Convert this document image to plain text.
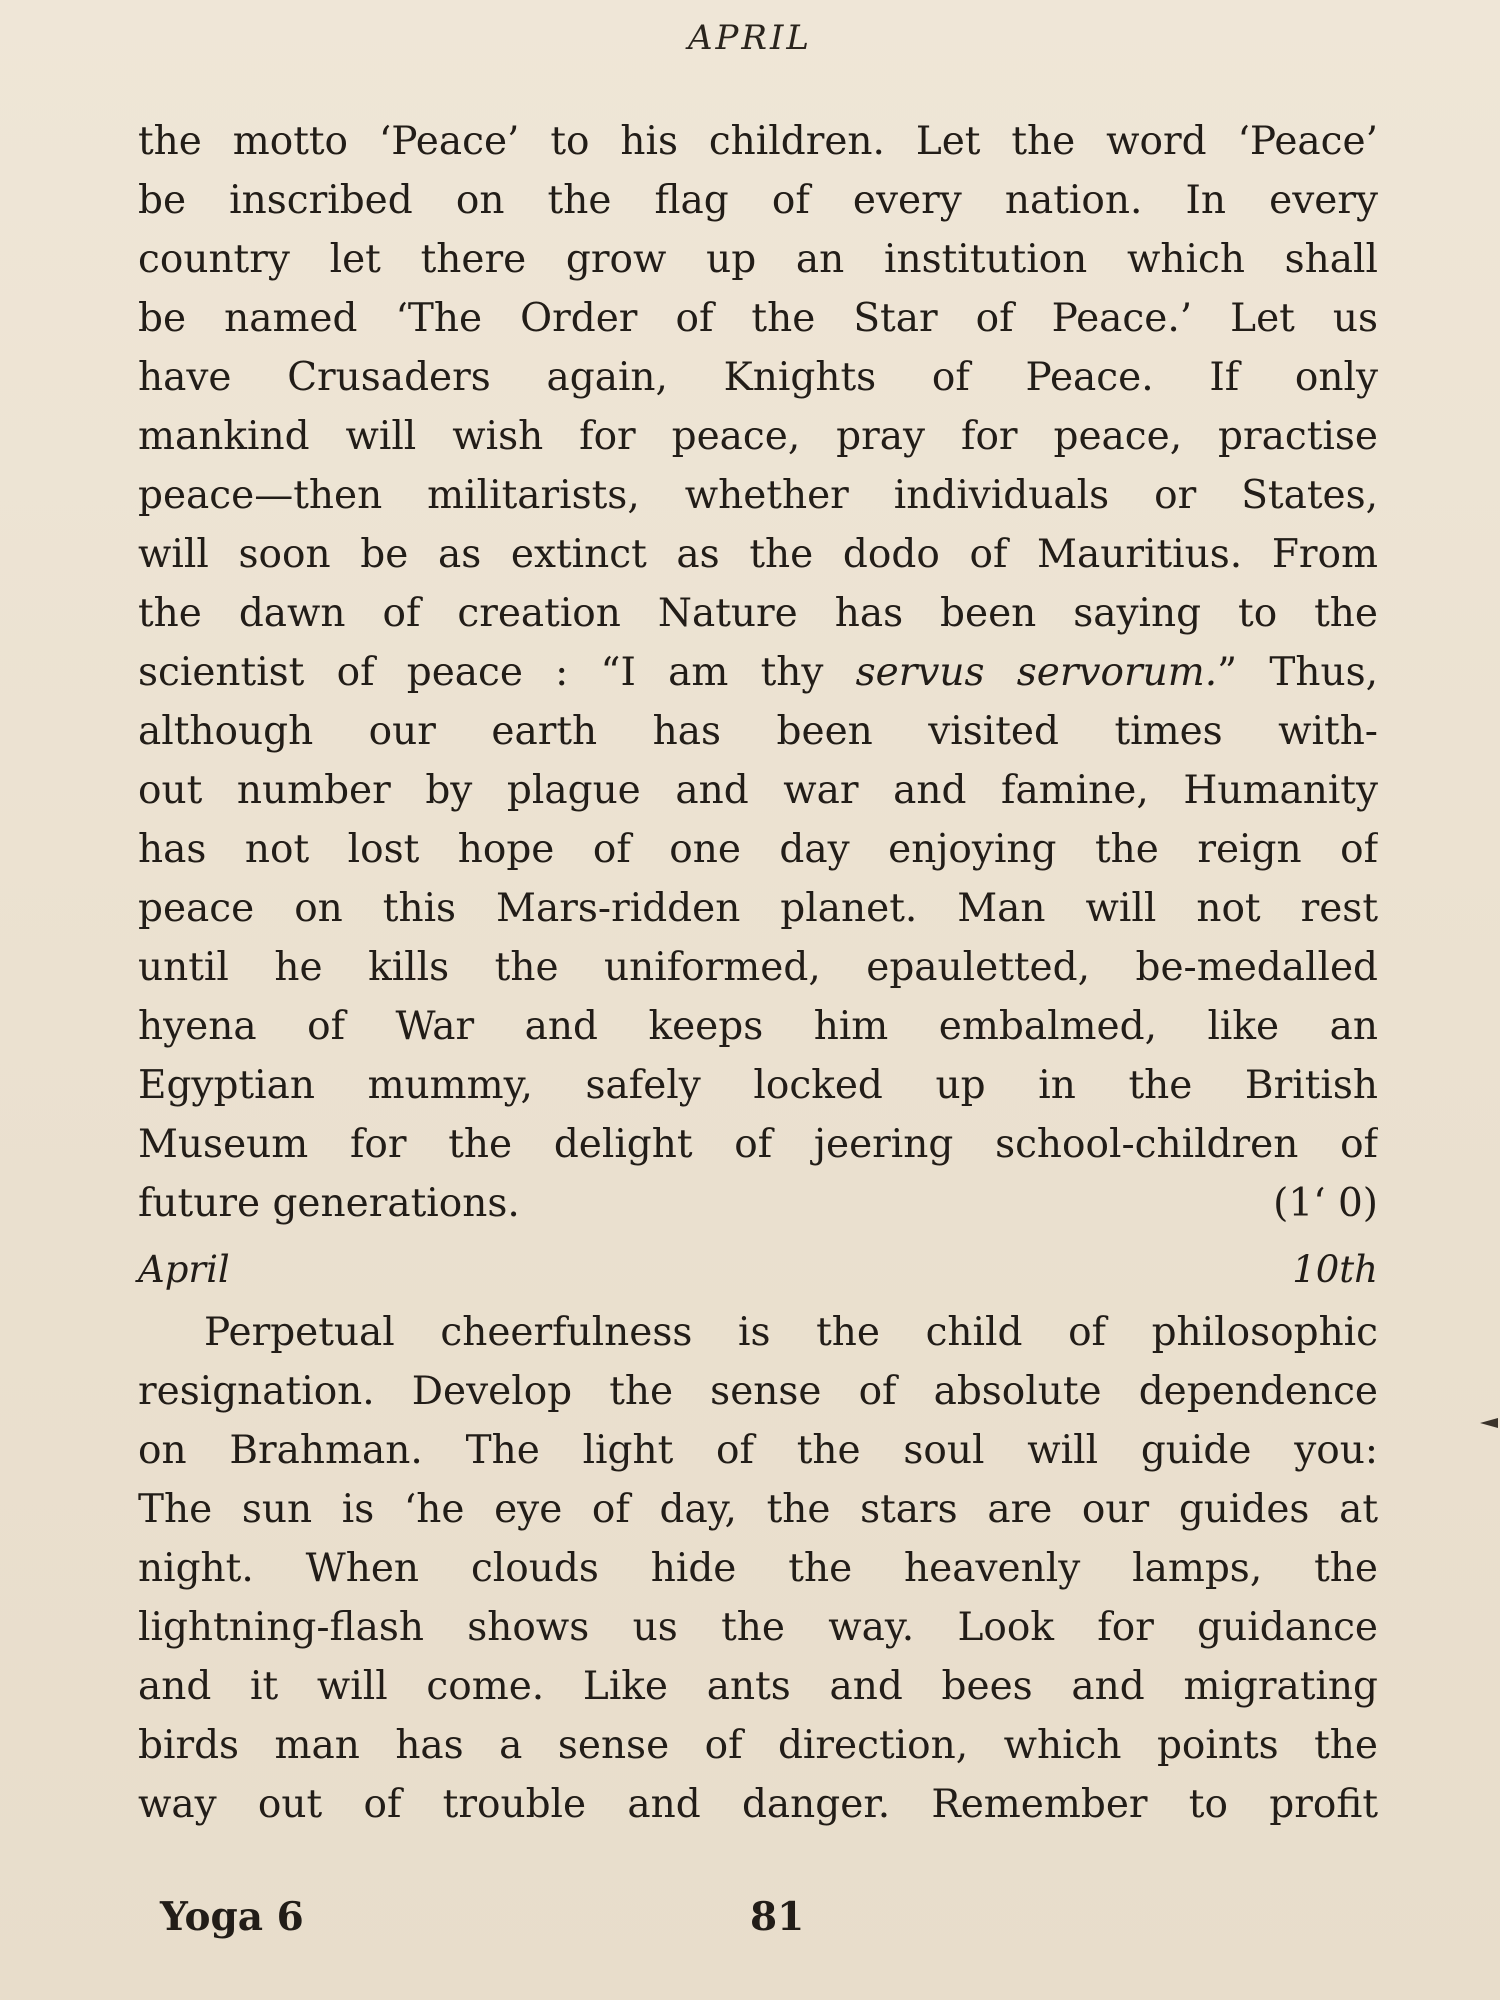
APRIL
the motto ‘Peace’ to his children. Let the word ‘Peace’
be inscribed on the flag of every nation. In every
country let there grow up an institution which shall
be named ‘The Order of the Star of Peace.’ Let us
have Crusaders again, Knights of Peace. If only
mankind will wish for peace, pray for peace, practise
peace—then militarists, whether individuals or States,
will soon be as extinct as the dodo of Mauritius. From
the dawn of creation Nature has been saying to the
scientist of peace : “I am thy servus servorum.” Thus,
although our earth has been visited times with-
out number by plague and war and famine, Humanity
has not lost hope of one day enjoying the reign of
peace on this Mars-ridden planet. Man will not rest
until he kills the uniformed, epauletted, be-medalled
hyena of War and keeps him embalmed, like an
Egyptian mummy, safely locked up in the British
Museum for the delight of jeering school-children of
future generations.	(1‘ 0)
April 10th
Perpetual cheerfulness is the child of philosophic
resignation. Develop the sense of absolute dependence
on Brahman. The light of the soul will guide you:
The sun is ‘he eye of day, the stars are our guides at
night. When clouds hide the heavenly lamps, the
lightning-flash shows us the way. Look for guidance
and it will come. Like ants and bees and migrating
birds man has a sense of direction, which points the
way out of trouble and danger. Remember to profit
Yoga 6	81
